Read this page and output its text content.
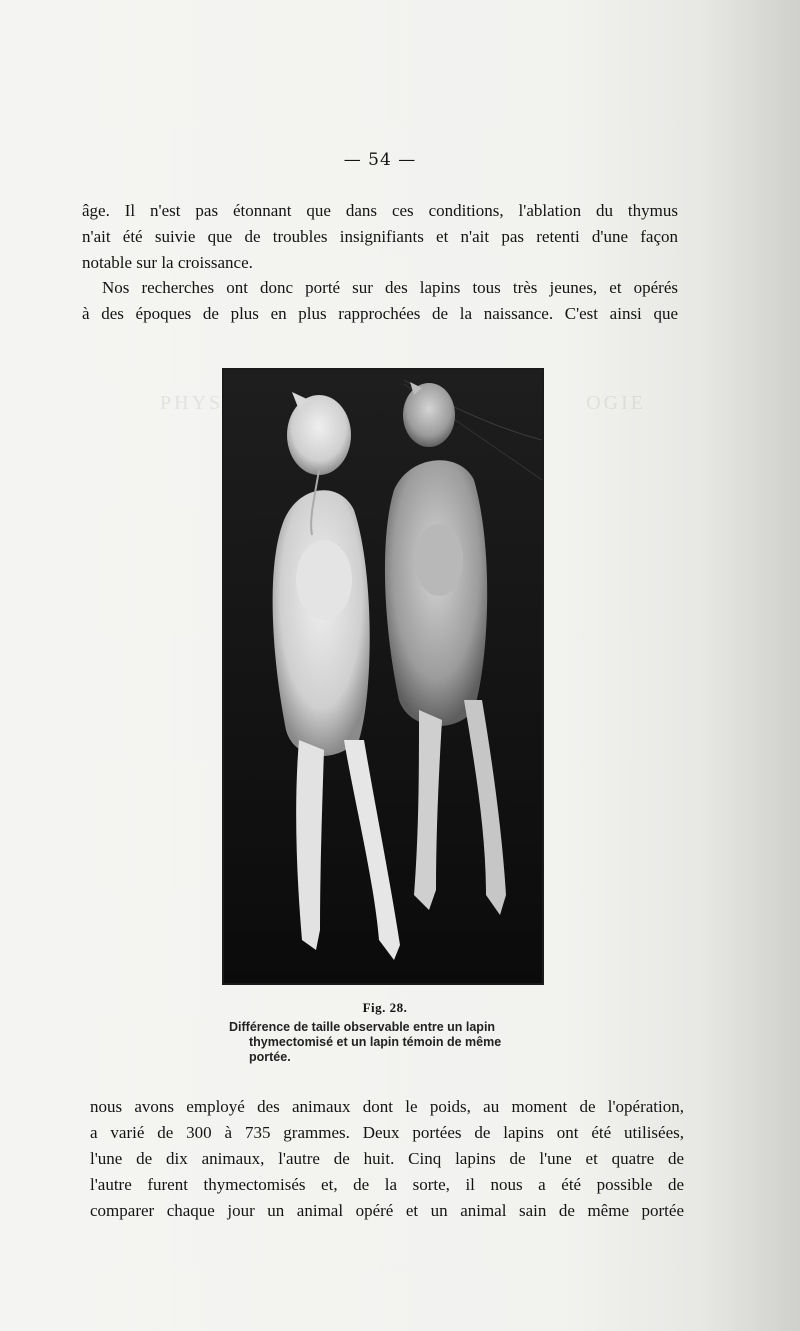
PHYSIO                                          OGIE
— 54 —

âge. Il n'est pas étonnant que dans ces conditions, l'ablation du thymus
n'ait été suivie que de troubles insignifiants et n'ait pas retenti d'une façon
notable sur la croissance.

Nos recherches ont donc porté sur des lapins tous très jeunes, et opérés
à des époques de plus en plus rapprochées de la naissance. C'est ainsi que

Fig. 28.
Différence de taille observable entre un lapin
thymectomisé et un lapin témoin de même
portée.

nous avons employé des animaux dont le poids, au moment de l'opération,
a varié de 300 à 735 grammes. Deux portées de lapins ont été utilisées,
l'une de dix animaux, l'autre de huit. Cinq lapins de l'une et quatre de
l'autre furent thymectomisés et, de la sorte, il nous a été possible de
comparer chaque jour un animal opéré et un animal sain de même portée
